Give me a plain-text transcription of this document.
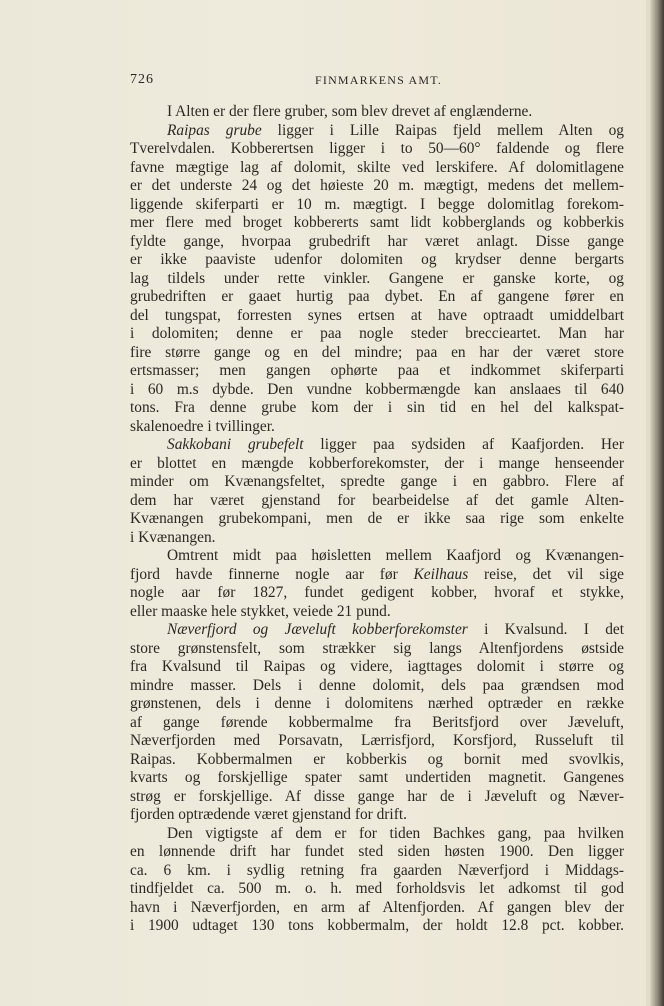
726	FINMARKENS AMT.
I Alten er der flere gruber, som blev drevet af englænderne.
Raipas grube ligger i Lille Raipas fjeld mellem Alten og
Tverelvdalen. Kobberertsen ligger i to 50—60° faldende og flere
favne mægtige lag af dolomit, skilte ved lerskifere. Af dolomitlagene
er det underste 24 og det høieste 20 m. mægtigt, medens det mellem-
liggende skiferparti er 10 m. mægtigt. I begge dolomitlag forekom-
mer flere med broget kobbererts samt lidt kobberglands og kobberkis
fyldte gange, hvorpaa grubedrift har været anlagt. Disse gange
er ikke paaviste udenfor dolomiten og krydser denne bergarts
lag tildels under rette vinkler. Gangene er ganske korte, og
grubedriften er gaaet hurtig paa dybet. En af gangene fører en
del tungspat, forresten synes ertsen at have optraadt umiddelbart
i dolomiten; denne er paa nogle steder breccieartet. Man har
fire større gange og en del mindre; paa en har der været store
ertsmasser; men gangen ophørte paa et indkommet skiferparti
i 60 m.s dybde. Den vundne kobbermængde kan anslaaes til 640
tons. Fra denne grube kom der i sin tid en hel del kalkspat-
skalenoedre i tvillinger.
Sakkobani grubefelt ligger paa sydsiden af Kaafjorden. Her
er blottet en mængde kobberforekomster, der i mange henseender
minder om Kvænangsfeltet, spredte gange i en gabbro. Flere af
dem har været gjenstand for bearbeidelse af det gamle Alten-
Kvænangen grubekompani, men de er ikke saa rige som enkelte
i Kvænangen.
Omtrent midt paa høisletten mellem Kaafjord og Kvænangen-
fjord havde finnerne nogle aar før Keilhaus reise, det vil sige
nogle aar før 1827, fundet gedigent kobber, hvoraf et stykke,
eller maaske hele stykket, veiede 21 pund.
Næverfjord og Jæveluft kobberforekomster i Kvalsund. I det
store grønstensfelt, som strækker sig langs Altenfjordens østside
fra Kvalsund til Raipas og videre, iagttages dolomit i større og
mindre masser. Dels i denne dolomit, dels paa grændsen mod
grønstenen, dels i denne i dolomitens nærhed optræder en række
af gange førende kobbermalme fra Beritsfjord over Jæveluft,
Næverfjorden med Porsavatn, Lærrisfjord, Korsfjord, Russeluft til
Raipas. Kobbermalmen er kobberkis og bornit med svovlkis,
kvarts og forskjellige spater samt undertiden magnetit. Gangenes
strøg er forskjellige. Af disse gange har de i Jæveluft og Næver-
fjorden optrædende været gjenstand for drift.
Den vigtigste af dem er for tiden Bachkes gang, paa hvilken
en lønnende drift har fundet sted siden høsten 1900. Den ligger
ca. 6 km. i sydlig retning fra gaarden Næverfjord i Middags-
tindfjeldet ca. 500 m. o. h. med forholdsvis let adkomst til god
havn i Næverfjorden, en arm af Altenfjorden. Af gangen blev der
i 1900 udtaget 130 tons kobbermalm, der holdt 12.8 pct. kobber.
